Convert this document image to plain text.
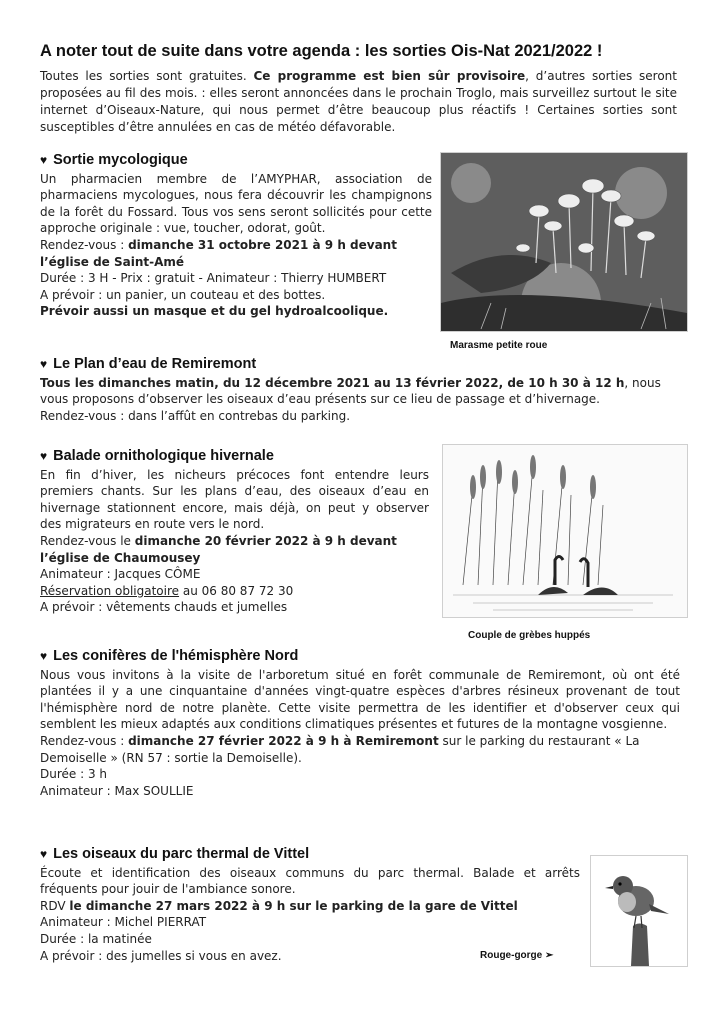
A noter tout de suite dans votre agenda : les sorties Ois-Nat 2021/2022 !
Toutes les sorties sont gratuites. Ce programme est bien sûr provisoire, d’autres sorties seront proposées au fil des mois. : elles seront annoncées dans le prochain Troglo, mais surveillez surtout le site internet d’Oiseaux-Nature, qui nous permet d’être beaucoup plus réactifs ! Certaines sorties sont susceptibles d’être annulées en cas de météo défavorable.
♥ Sortie mycologique

Un pharmacien membre de l’AMYPHAR, association de pharmaciens mycologues, nous fera découvrir les champignons de la forêt du Fossard. Tous vos sens seront sollicités pour cette approche originale : vue, toucher, odorat, goût.

Rendez-vous : dimanche 31 octobre 2021 à 9 h devant l’église de Saint-Amé

Durée : 3 H - Prix : gratuit - Animateur : Thierry HUMBERT

A prévoir : un panier, un couteau et des bottes.

Prévoir aussi un masque et du gel hydroalcoolique.

Marasme petite roue
♥ Le Plan d’eau de Remiremont

Tous les dimanches matin, du 12 décembre 2021 au 13 février 2022, de 10 h 30 à 12 h, nous vous proposons d’observer les oiseaux d’eau présents sur ce lieu de passage et d’hivernage.

Rendez-vous : dans l’affût en contrebas du parking.

♥ Balade ornithologique hivernale

En fin d’hiver, les nicheurs précoces font entendre leurs premiers chants. Sur les plans d’eau, des oiseaux d’eau en hivernage stationnent encore, mais déjà, on peut y observer des migrateurs en route vers le nord.

Rendez-vous le dimanche 20 février 2022 à 9 h devant l’église de Chaumousey

Animateur : Jacques CÔME

Réservation obligatoire au 06 80 87 72 30

A prévoir : vêtements chauds et jumelles

Couple de grèbes huppés
♥ Les conifères de l'hémisphère Nord

Nous vous invitons à la visite de l'arboretum situé en forêt communale de Remiremont, où ont été plantées il y a une cinquantaine d'années vingt-quatre espèces d'arbres résineux provenant de tout l'hémisphère nord de notre planète. Cette visite permettra de les identifier et d'observer ceux qui semblent les mieux adaptés aux conditions climatiques présentes et futures de la montagne vosgienne.

Rendez-vous : dimanche 27 février 2022 à 9 h à Remiremont sur le parking du restaurant « La Demoiselle » (RN 57 : sortie la Demoiselle).

Durée : 3 h

Animateur : Max SOULLIE

♥ Les oiseaux du parc thermal de Vittel

Écoute et identification des oiseaux communs du parc thermal. Balade et arrêts fréquents pour jouir de l'ambiance sonore.

RDV le dimanche 27 mars 2022 à 9 h sur le parking de la gare de Vittel

Animateur : Michel PIERRAT

Durée : la matinée

A prévoir : des jumelles si vous en avez.	Rouge-gorge ➢
